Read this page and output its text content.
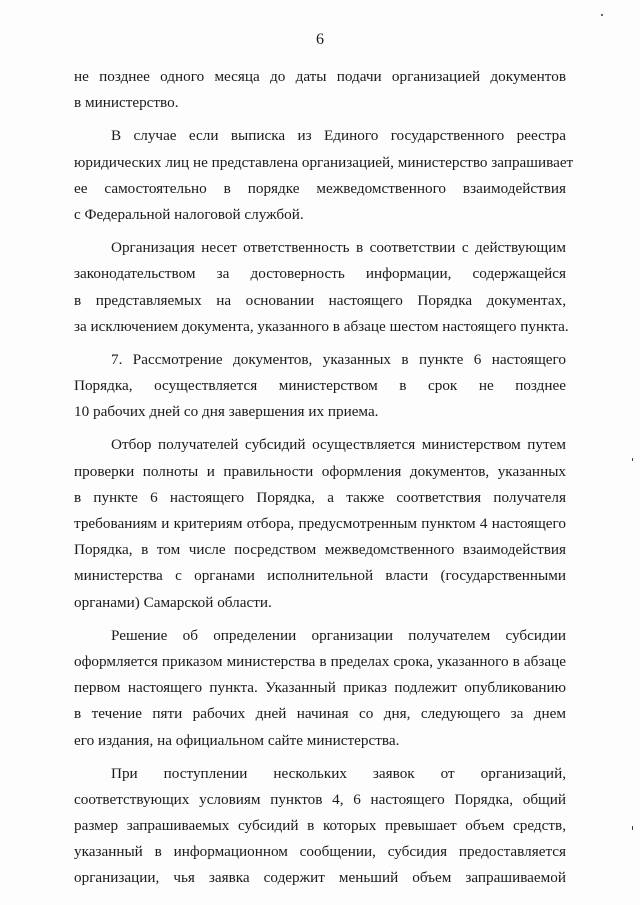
6
не позднее одного месяца до даты подачи организацией документов
в министерство.
В случае если выписка из Единого государственного реестра
юридических лиц не представлена организацией, министерство запрашивает
ее самостоятельно в порядке межведомственного взаимодействия
с Федеральной налоговой службой.
Организация несет ответственность в соответствии с действующим
законодательством за достоверность информации, содержащейся
в представляемых на основании настоящего Порядка документах,
за исключением документа, указанного в абзаце шестом настоящего пункта.
7. Рассмотрение документов, указанных в пункте 6 настоящего
Порядка, осуществляется министерством в срок не позднее
10 рабочих дней со дня завершения их приема.
Отбор получателей субсидий осуществляется министерством путем
проверки полноты и правильности оформления документов, указанных
в пункте 6 настоящего Порядка, а также соответствия получателя
требованиям и критериям отбора, предусмотренным пунктом 4 настоящего
Порядка, в том числе посредством межведомственного взаимодействия
министерства с органами исполнительной власти (государственными
органами) Самарской области.
Решение об определении организации получателем субсидии
оформляется приказом министерства в пределах срока, указанного в абзаце
первом настоящего пункта. Указанный приказ подлежит опубликованию
в течение пяти рабочих дней начиная со дня, следующего за днем
его издания, на официальном сайте министерства.
При поступлении нескольких заявок от организаций,
соответствующих условиям пунктов 4, 6 настоящего Порядка, общий
размер запрашиваемых субсидий в которых превышает объем средств,
указанный в информационном сообщении, субсидия предоставляется
организации, чья заявка содержит меньший объем запрашиваемой
